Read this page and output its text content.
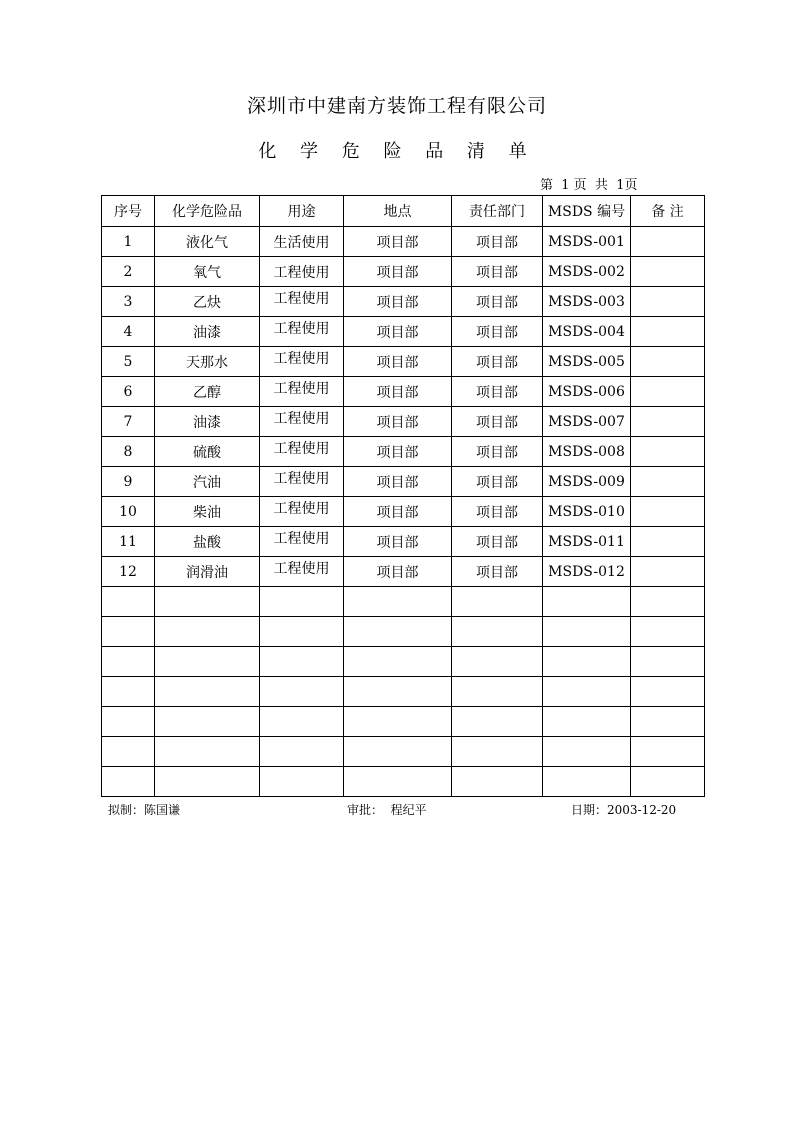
深圳市中建南方装饰工程有限公司
化 学 危 险 品 清 单
第  1 页  共  1页
序号	化学危险品	用途	地点	责任部门	MSDS 编号	备 注
1	液化气	生活使用	项目部	项目部	MSDS-001	
2	氧气	工程使用	项目部	项目部	MSDS-002	
3	乙炔	工程使用	项目部	项目部	MSDS-003	
4	油漆	工程使用	项目部	项目部	MSDS-004	
5	天那水	工程使用	项目部	项目部	MSDS-005	
6	乙醇	工程使用	项目部	项目部	MSDS-006	
7	油漆	工程使用	项目部	项目部	MSDS-007	
8	硫酸	工程使用	项目部	项目部	MSDS-008	
9	汽油	工程使用	项目部	项目部	MSDS-009	
10	柴油	工程使用	项目部	项目部	MSDS-010	
11	盐酸	工程使用	项目部	项目部	MSDS-011	
12	润滑油	工程使用	项目部	项目部	MSDS-012	

拟制：陈国谦	审批：  程纪平	日期：2003-12-20
